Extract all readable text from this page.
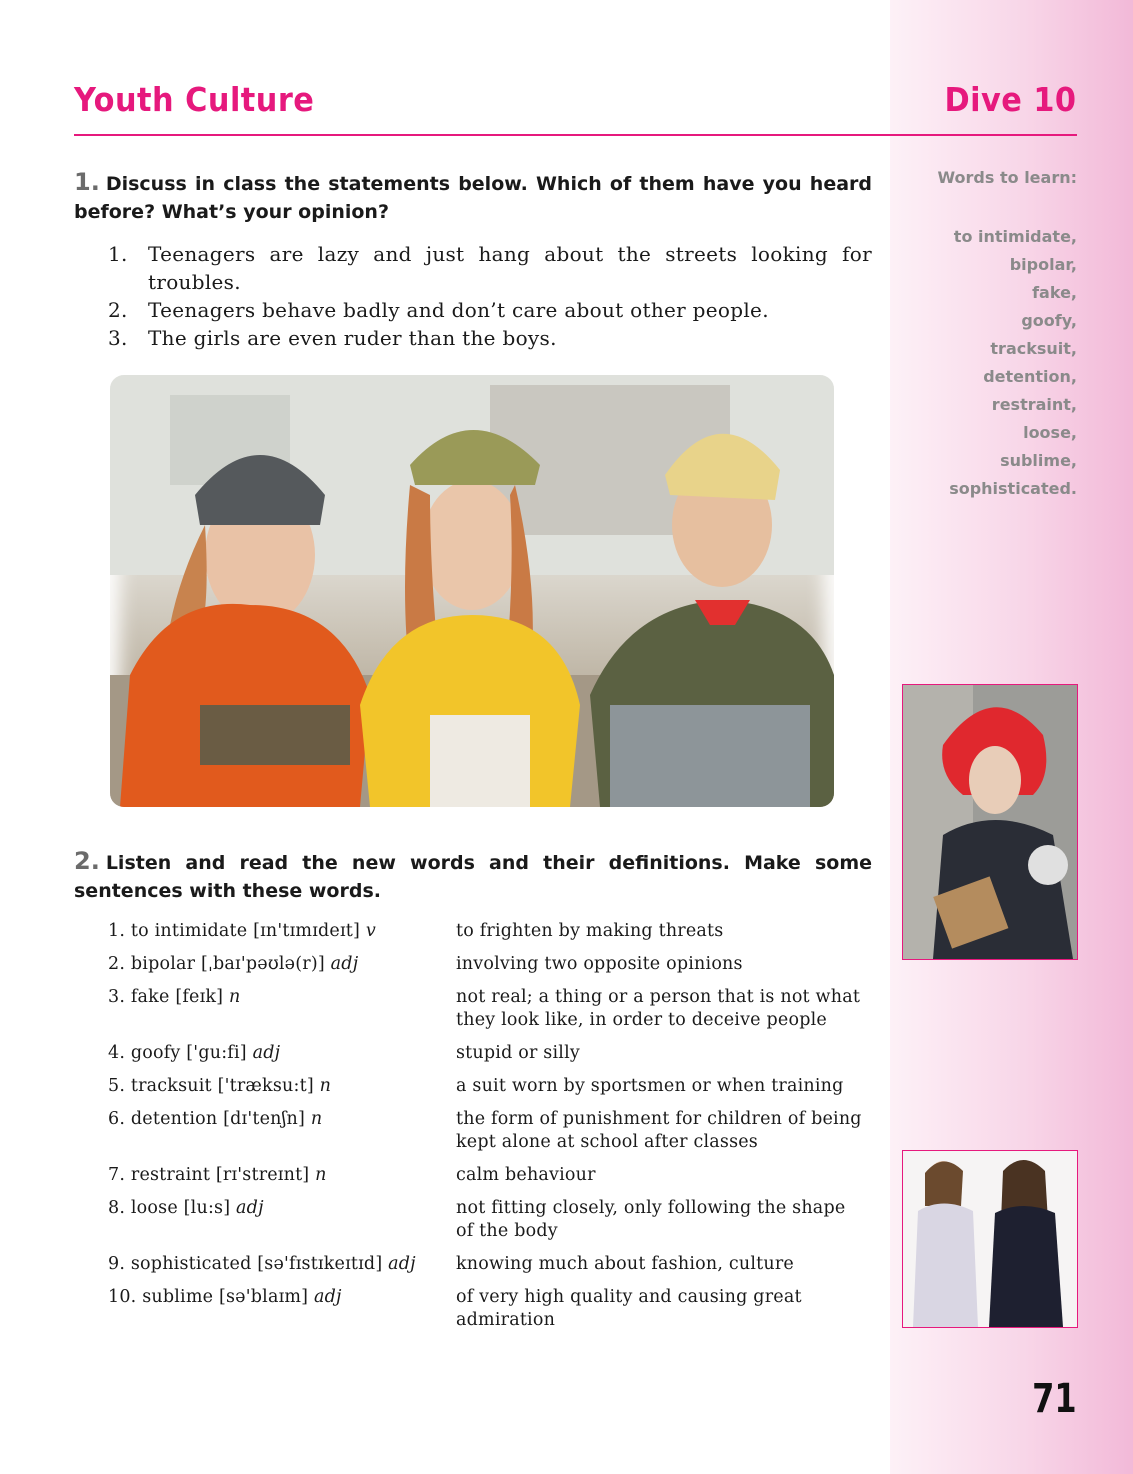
Youth Culture	Dive 10
1. Discuss in class the statements below. Which of them have you heard before? What’s your opinion?
1. Teenagers are lazy and just hang about the streets looking for troubles.
2. Teenagers behave badly and don’t care about other people.
3. The girls are even ruder than the boys.
2. Listen and read the new words and their definitions. Make some sentences with these words.
1. to intimidate [ɪn'tɪmɪdeɪt] v	to frighten by making threats
2. bipolar [ˌbaɪ'pəʊlə(r)] adj	involving two opposite opinions
3. fake [feɪk] n	not real; a thing or a person that is not what they look like, in order to deceive people
4. goofy ['gu:fi] adj	stupid or silly
5. tracksuit ['træksu:t] n	a suit worn by sportsmen or when training
6. detention [dɪ'tenʃn] n	the form of punishment for children of being kept alone at school after classes
7. restraint [rɪ'streɪnt] n	calm behaviour
8. loose [lu:s] adj	not fitting closely, only following the shape of the body
9. sophisticated [sə'fɪstɪkeɪtɪd] adj	knowing much about fashion, culture
10. sublime [sə'blaɪm] adj	of very high quality and causing great admiration
Words to learn:
to intimidate,
bipolar,
fake,
goofy,
tracksuit,
detention,
restraint,
loose,
sublime,
sophisticated.
71
